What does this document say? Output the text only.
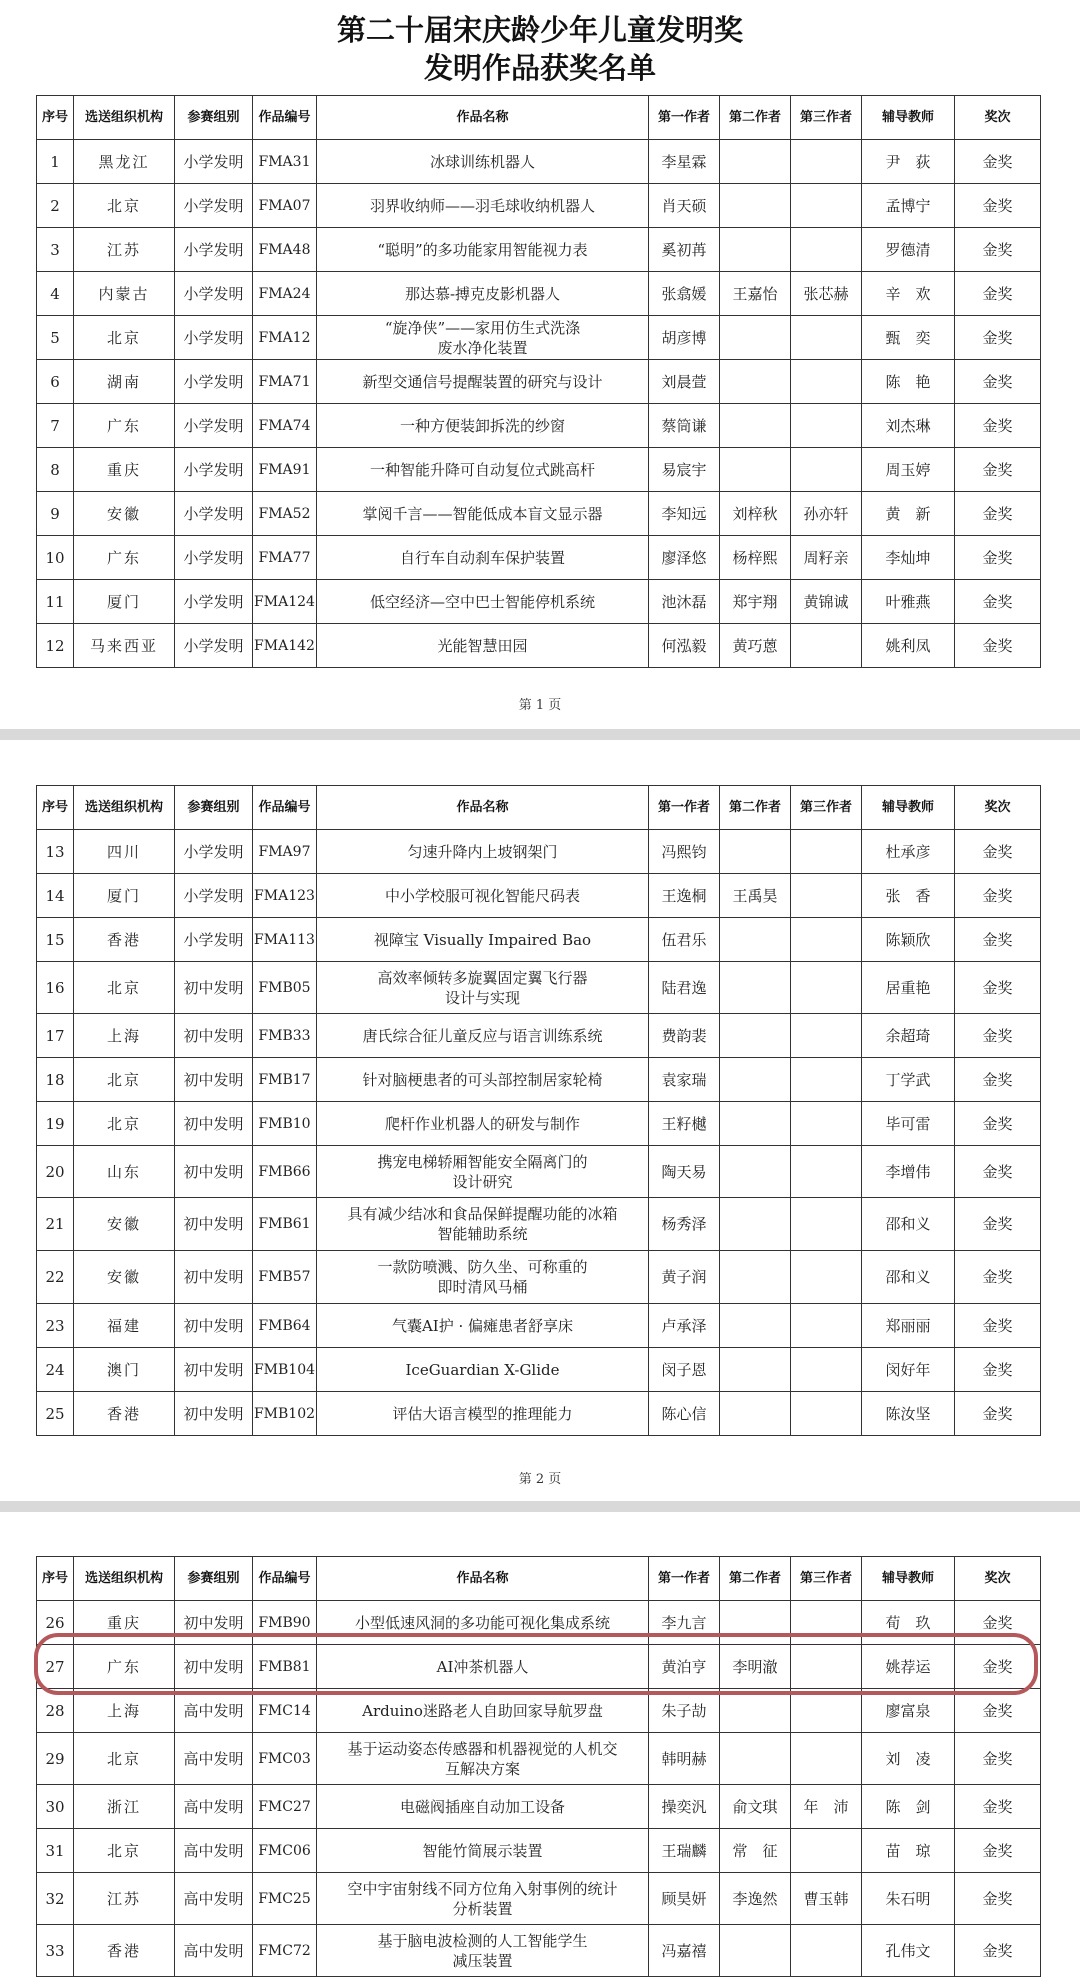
第二十届宋庆龄少年儿童发明奖
发明作品获奖名单
序号	选送组织机构	参赛组别	作品编号	作品名称	第一作者	第二作者	第三作者	辅导教师	奖次
1	黑龙江	小学发明	FMA31	冰球训练机器人	李星霖			尹　荻	金奖
2	北京	小学发明	FMA07	羽界收纳师——羽毛球收纳机器人	肖天硕			孟博宁	金奖
3	江苏	小学发明	FMA48	“聪明”的多功能家用智能视力表	奚初苒			罗德清	金奖
4	内蒙古	小学发明	FMA24	那达慕-搏克皮影机器人	张翕媛	王嘉怡	张芯赫	辛　欢	金奖
5	北京	小学发明	FMA12	“旋净侠”——家用仿生式洗涤
废水净化装置	胡彦博			甄　奕	金奖
6	湖南	小学发明	FMA71	新型交通信号提醒装置的研究与设计	刘晨萱			陈　艳	金奖
7	广东	小学发明	FMA74	一种方便装卸拆洗的纱窗	蔡筒谦			刘杰琳	金奖
8	重庆	小学发明	FMA91	一种智能升降可自动复位式跳高杆	易宸宇			周玉婷	金奖
9	安徽	小学发明	FMA52	掌阅千言——智能低成本盲文显示器	李知远	刘梓秋	孙亦轩	黄　新	金奖
10	广东	小学发明	FMA77	自行车自动刹车保护装置	廖泽悠	杨梓熙	周籽亲	李灿坤	金奖
11	厦门	小学发明	FMA124	低空经济—空中巴士智能停机系统	池沐磊	郑宇翔	黄锦诚	叶雅燕	金奖
12	马来西亚	小学发明	FMA142	光能智慧田园	何泓毅	黄巧蒽		姚利凤	金奖
第 1 页
序号	选送组织机构	参赛组别	作品编号	作品名称	第一作者	第二作者	第三作者	辅导教师	奖次
13	四川	小学发明	FMA97	匀速升降内上坡钢架门	冯熙钧			杜承彦	金奖
14	厦门	小学发明	FMA123	中小学校服可视化智能尺码表	王逸桐	王禹昊		张　香	金奖
15	香港	小学发明	FMA113	视障宝 Visually Impaired Bao	伍君乐			陈颖欣	金奖
16	北京	初中发明	FMB05	高效率倾转多旋翼固定翼飞行器
设计与实现	陆君逸			居重艳	金奖
17	上海	初中发明	FMB33	唐氏综合征儿童反应与语言训练系统	费韵裴			余超琦	金奖
18	北京	初中发明	FMB17	针对脑梗患者的可头部控制居家轮椅	袁家瑞			丁学武	金奖
19	北京	初中发明	FMB10	爬杆作业机器人的研发与制作	王籽樾			毕可雷	金奖
20	山东	初中发明	FMB66	携宠电梯轿厢智能安全隔离门的
设计研究	陶天易			李增伟	金奖
21	安徽	初中发明	FMB61	具有减少结冰和食品保鲜提醒功能的冰箱
智能辅助系统	杨秀泽			邵和义	金奖
22	安徽	初中发明	FMB57	一款防喷溅、防久坐、可称重的
即时清风马桶	黄子润			邵和义	金奖
23	福建	初中发明	FMB64	气囊AI护 · 偏瘫患者舒享床	卢承泽			郑丽丽	金奖
24	澳门	初中发明	FMB104	IceGuardian X-Glide	闵子恩			闵好年	金奖
25	香港	初中发明	FMB102	评估大语言模型的推理能力	陈心信			陈汝坚	金奖
第 2 页
序号	选送组织机构	参赛组别	作品编号	作品名称	第一作者	第二作者	第三作者	辅导教师	奖次
26	重庆	初中发明	FMB90	小型低速风洞的多功能可视化集成系统	李九言			荀　玖	金奖
27	广东	初中发明	FMB81	AI冲茶机器人	黄泊亨	李明澈		姚荐运	金奖
28	上海	高中发明	FMC14	Arduino迷路老人自助回家导航罗盘	朱子劼			廖富泉	金奖
29	北京	高中发明	FMC03	基于运动姿态传感器和机器视觉的人机交
互解决方案	韩明赫			刘　凌	金奖
30	浙江	高中发明	FMC27	电磁阀插座自动加工设备	操奕汎	俞文琪	年　沛	陈　剑	金奖
31	北京	高中发明	FMC06	智能竹简展示装置	王瑞麟	常　征		苗　琼	金奖
32	江苏	高中发明	FMC25	空中宇宙射线不同方位角入射事例的统计
分析装置	顾昊妍	李逸然	曹玉韩	朱石明	金奖
33	香港	高中发明	FMC72	基于脑电波检测的人工智能学生
减压装置	冯嘉禧			孔伟文	金奖
